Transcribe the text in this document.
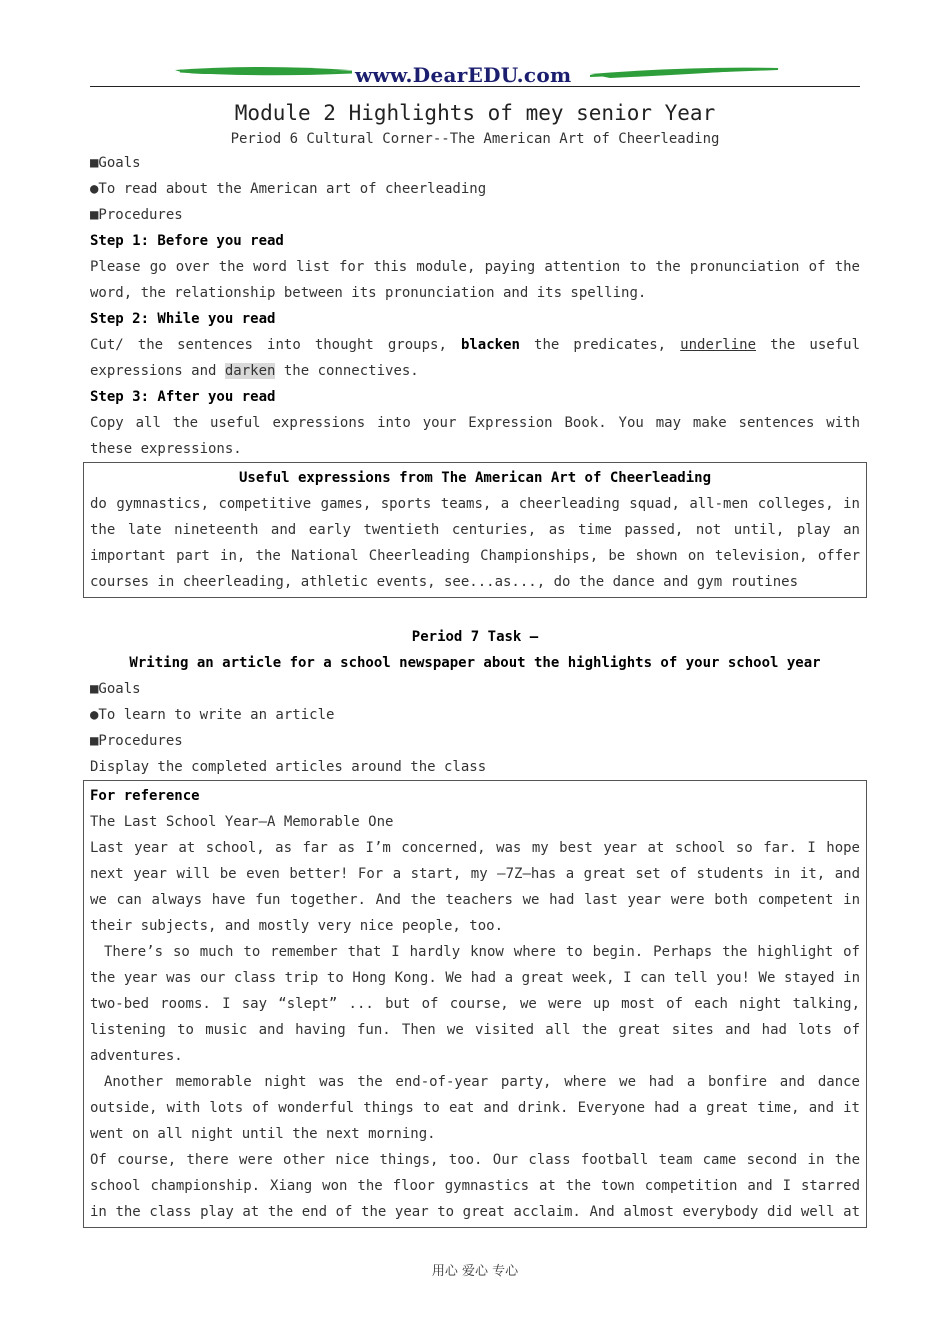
www.DearEDU.com
Module 2 Highlights of mey senior Year
Period 6 Cultural Corner--The American Art of Cheerleading
■Goals
●To read about the American art of cheerleading
■Procedures
Step 1: Before you read
Please go over the word list for this module, paying attention to the pronunciation of the word, the relationship between its pronunciation and its spelling.
Step 2: While you read
Cut/ the sentences into thought groups, blacken the predicates, underline the useful expressions and darken the connectives.
Step 3: After you read
Copy all the useful expressions into your Expression Book. You may make sentences with these expressions.
Useful expressions from The American Art of Cheerleading
do gymnastics, competitive games, sports teams, a cheerleading squad, all-men colleges, in the late nineteenth and early twentieth centuries, as time passed, not until, play an important part in, the National Cheerleading Championships, be shown on television, offer courses in cheerleading, athletic events, see...as..., do the dance and gym routines
Period 7 Task –
Writing an article for a school newspaper about the highlights of your school year
■Goals
●To learn to write an article
■Procedures
Display the completed articles around the class
For reference
The Last School Year—A Memorable One
Last year at school, as far as I’m concerned, was my best year at school so far. I hope next year will be even better! For a start, my –7Z—has a great set of students in it, and we can always have fun together. And the teachers we had last year were both competent in their subjects, and mostly very nice people, too.
There’s so much to remember that I hardly know where to begin. Perhaps the highlight of the year was our class trip to Hong Kong. We had a great week, I can tell you! We stayed in two-bed rooms. I say “slept” ... but of course, we were up most of each night talking, listening to music and having fun. Then we visited all the great sites and had lots of adventures.
Another memorable night was the end-of-year party, where we had a bonfire and dance outside, with lots of wonderful things to eat and drink. Everyone had a great time, and it went on all night until the next morning.
Of course, there were other nice things, too. Our class football team came second in the school championship. Xiang won the floor gymnastics at the town competition and I starred in the class play at the end of the year to great acclaim. And almost everybody did well at
用心 爱心 专心
